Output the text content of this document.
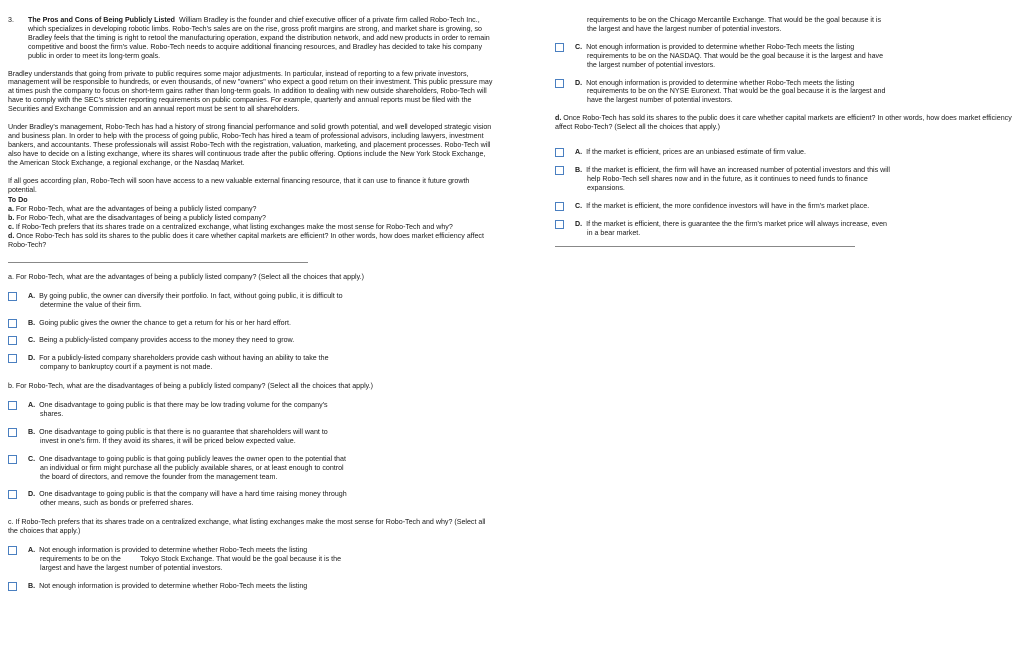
3. The Pros and Cons of Being Publicly Listed William Bradley is the founder and chief executive officer of a private firm called Robo-Tech Inc., which specializes in developing robotic limbs. Robo-Tech's sales are on the rise, gross profit margins are strong, and market share is growing, so Bradley feels that the timing is right to retool the manufacturing operation, expand the distribution network, and add new products in order to remain competitive and boost the firm's value. Robo-Tech needs to acquire additional financing resources, and Bradley has decided to take his company public in order to meet its long-term goals.

Bradley understands that going from private to public requires some major adjustments. In particular, instead of reporting to a few private investors, management will be responsible to hundreds, or even thousands, of new "owners" who expect a good return on their investment. This public pressure may at times push the company to focus on short-term gains rather than long-term goals. In addition to dealing with new outside shareholders, Robo-Tech will have to comply with the SEC's stricter reporting requirements on public companies. For example, quarterly and annual reports must be filed with the Securities and Exchange Commission and an annual report must be sent to all shareholders.

Under Bradley's management, Robo-Tech has had a history of strong financial performance and solid growth potential, and well developed strategic vision and business plan. In order to help with the process of going public, Robo-Tech has hired a team of professional advisors, including lawyers, investment bankers, and accountants. These professionals will assist Robo-Tech with the registration, valuation, marketing, and placement processes. Robo-Tech will also have to decide on a listing exchange, where its shares will continuous trade after the public offering. Options include the New York Stock Exchange, the American Stock Exchange, a regional exchange, or the Nasdaq Market.

If all goes according plan, Robo-Tech will soon have access to a new valuable external financing resource, that it can use to finance it future growth potential.

To Do

a. For Robo-Tech, what are the advantages of being a publicly listed company?

b. For Robo-Tech, what are the disadvantages of being a publicly listed company?

c. If Robo-Tech prefers that its shares trade on a centralized exchange, what listing exchanges make the most sense for Robo-Tech and why?

d. Once Robo-Tech has sold its shares to the public does it care whether capital markets are efficient? In other words, how does market efficiency affect Robo-Tech?

a. For Robo-Tech, what are the advantages of being a publicly listed company? (Select all the choices that apply.)

A. By going public, the owner can diversify their portfolio. In fact, without going public, it is difficult to
determine the value of their firm.
B. Going public gives the owner the chance to get a return for his or her hard effort.
C. Being a publicly-listed company provides access to the money they need to grow.
D. For a publicly-listed company shareholders provide cash without having an ability to take the
company to bankruptcy court if a payment is not made.

b. For Robo-Tech, what are the disadvantages of being a publicly listed company? (Select all the choices that apply.)

A. One disadvantage to going public is that there may be low trading volume for the company's
shares.
B. One disadvantage to going public is that there is no guarantee that shareholders will want to
invest in one's firm. If they avoid its shares, it will be priced below expected value.
C. One disadvantage to going public is that going publicly leaves the owner open to the potential that
an individual or firm might purchase all the publicly available shares, or at least enough to control
the board of directors, and remove the founder from the management team.
D. One disadvantage to going public is that the company will have a hard time raising money through
other means, such as bonds or preferred shares.

c. If Robo-Tech prefers that its shares trade on a centralized exchange, what listing exchanges make the most sense for Robo-Tech and why? (Select all the choices that apply.)

A. Not enough information is provided to determine whether Robo-Tech meets the listing
requirements to be on the          Tokyo Stock Exchange. That would be the goal because it is the
largest and have the largest number of potential investors.
B. Not enough information is provided to determine whether Robo-Tech meets the listing
requirements to be on the Chicago Mercantile Exchange. That would be the goal because it is
the largest and have the largest number of potential investors.
C. Not enough information is provided to determine whether Robo-Tech meets the listing
requirements to be on the NASDAQ. That would be the goal because it is the largest and have
the largest number of potential investors.
D. Not enough information is provided to determine whether Robo-Tech meets the listing
requirements to be on the NYSE Euronext. That would be the goal because it is the largest and
have the largest number of potential investors.

d. Once Robo-Tech has sold its shares to the public does it care whether capital markets are efficient? In other words, how does market efficiency affect Robo-Tech? (Select all the choices that apply.)

A. If the market is efficient, prices are an unbiased estimate of firm value.
B. If the market is efficient, the firm will have an increased number of potential investors and this will
help Robo-Tech sell shares now and in the future, as it continues to need funds to finance
expansions.
C. If the market is efficient, the more confidence investors will have in the firm's market place.
D. If the market is efficient, there is guarantee the the firm's market price will always increase, even
in a bear market.
